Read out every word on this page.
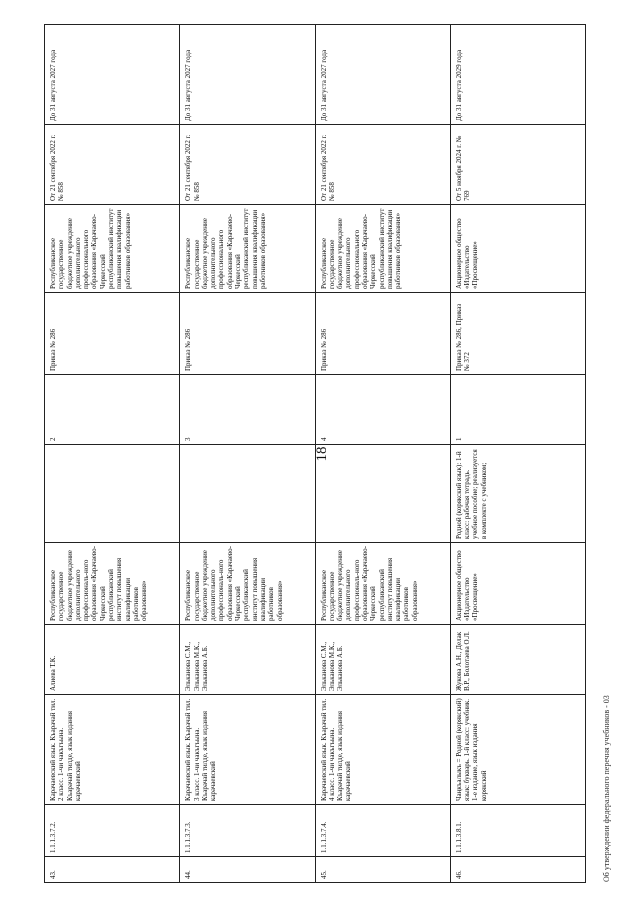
18
43.
1.1.1.3.7.2.
Карачаевский язык. Къарачай тил. 2 класс. 1-чи чакъгъына. Къарачай тилде, язык издания карачаевский
Алиева Т.К.
Республиканское государственное бюджетное учреждение дополнительного профессиональ-ного образования «Карачаево-Черкесский республиканский институт повышения квалификации работников образования»
2
Приказ № 286
Республиканское государственное бюджетное учреждение дополнительного профессионального образования «Карачаево-Черкесский республиканский институт повышения квалификации работников образования»
От 21 сентября 2022 г. № 858
До 31 августа 2027 года
44.
1.1.1.3.7.3.
Карачаевский язык. Къарачай тил. 3 класс. 1-чи чакъгъына. Къарачай тилде, язык издания карачаевский
Эльканова С.М., Эльканова М.К., Эльканова А.Б.
Республиканское государственное бюджетное учреждение дополнительного профессиональ-ного образования «Карачаево-Черкесский республиканский институт повышения квалификации работников образования»
3
Приказ № 286
Республиканское государственное бюджетное учреждение дополнительного профессионального образования «Карачаево-Черкесский республиканский институт повышения квалификации работников образования»
От 21 сентября 2022 г. № 858
До 31 августа 2027 года
45.
1.1.1.3.7.4.
Карачаевский язык. Къарачай тил. 4 класс. 1-чи чакъгъына. Къарачай тилде, язык издания карачаевский
Эльканова С.М., Эльканова М.К., Эльканова А.Б.
Республиканское государственное бюджетное учреждение дополнительного профессиональ-ного образования «Карачаево-Черкесский республиканский институт повышения квалификации работников образования»
4
Приказ № 286
Республиканское государственное бюджетное учреждение дополнительного профессионального образования «Карачаево-Черкесский республиканский институт повышения квалификации работников образования»
От 21 сентября 2022 г. № 858
До 31 августа 2027 года
46.
1.1.1.3.8.1.
Чаңкъалыкъ = Родной (корякский) язык: букварь. 1-й класс: учебник. 1-е издание, язык издания корякский
Жукова А.Н., Делак В.Р., Болотаева О.Л.
Акционерное общество «Издательство «Просвещение»
Родной (корякский язык): 1-й класс: рабочая тетрадь. учебное пособие; реализуется в комплекте с учебником;
1
Приказ № 286, Приказ № 372
Акционерное общество «Издательство «Просвещение»
От 5 ноября 2024 г. № 769
До 31 августа 2029 года
Об утверждении федерального перечня учебников - 03
